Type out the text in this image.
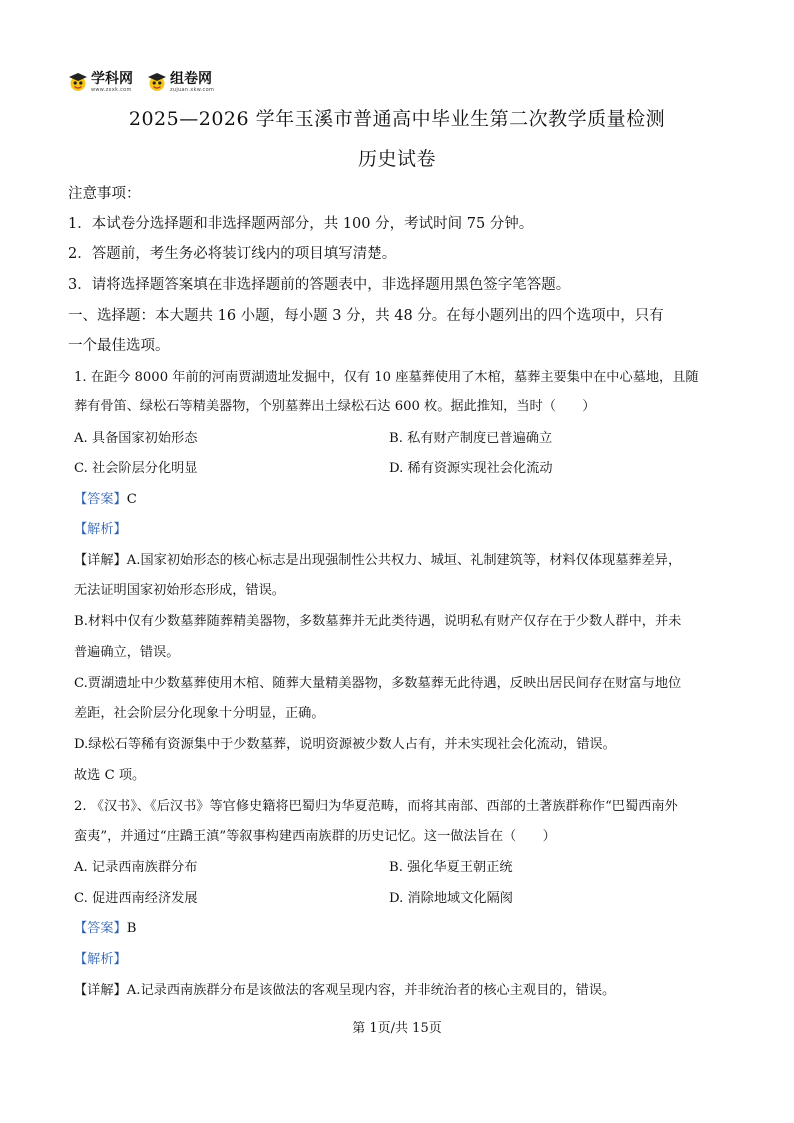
学科网
www.zxxk.com
组卷网
zujuan.xkw.com
2025—2026 学年玉溪市普通高中毕业生第二次教学质量检测
历史试卷
注意事项：
1．本试卷分选择题和非选择题两部分，共 100 分，考试时间 75 分钟。
2．答题前，考生务必将装订线内的项目填写清楚。
3．请将选择题答案填在非选择题前的答题表中，非选择题用黑色签字笔答题。
一、选择题：本大题共 16 小题，每小题 3 分，共 48 分。在每小题列出的四个选项中，只有
一个最佳选项。
1. 在距今 8000 年前的河南贾湖遗址发掘中，仅有 10 座墓葬使用了木棺，墓葬主要集中在中心墓地，且随
葬有骨笛、绿松石等精美器物，个别墓葬出土绿松石达 600 枚。据此推知，当时（　　）
A. 具备国家初始形态	B. 私有财产制度已普遍确立
C. 社会阶层分化明显	D. 稀有资源实现社会化流动
【答案】C
【解析】
【详解】A.国家初始形态的核心标志是出现强制性公共权力、城垣、礼制建筑等，材料仅体现墓葬差异，
无法证明国家初始形态形成，错误。
B.材料中仅有少数墓葬随葬精美器物，多数墓葬并无此类待遇，说明私有财产仅存在于少数人群中，并未
普遍确立，错误。
C.贾湖遗址中少数墓葬使用木棺、随葬大量精美器物，多数墓葬无此待遇，反映出居民间存在财富与地位
差距，社会阶层分化现象十分明显，正确。
D.绿松石等稀有资源集中于少数墓葬，说明资源被少数人占有，并未实现社会化流动，错误。
故选 C 项。
2. 《汉书》、《后汉书》等官修史籍将巴蜀归为华夏范畴，而将其南部、西部的土著族群称作“巴蜀西南外
蛮夷”，并通过“庄蹻王滇”等叙事构建西南族群的历史记忆。这一做法旨在（　　）
A. 记录西南族群分布	B. 强化华夏王朝正统
C. 促进西南经济发展	D. 消除地域文化隔阂
【答案】B
【解析】
【详解】A.记录西南族群分布是该做法的客观呈现内容，并非统治者的核心主观目的，错误。
第 1页/共 15页
